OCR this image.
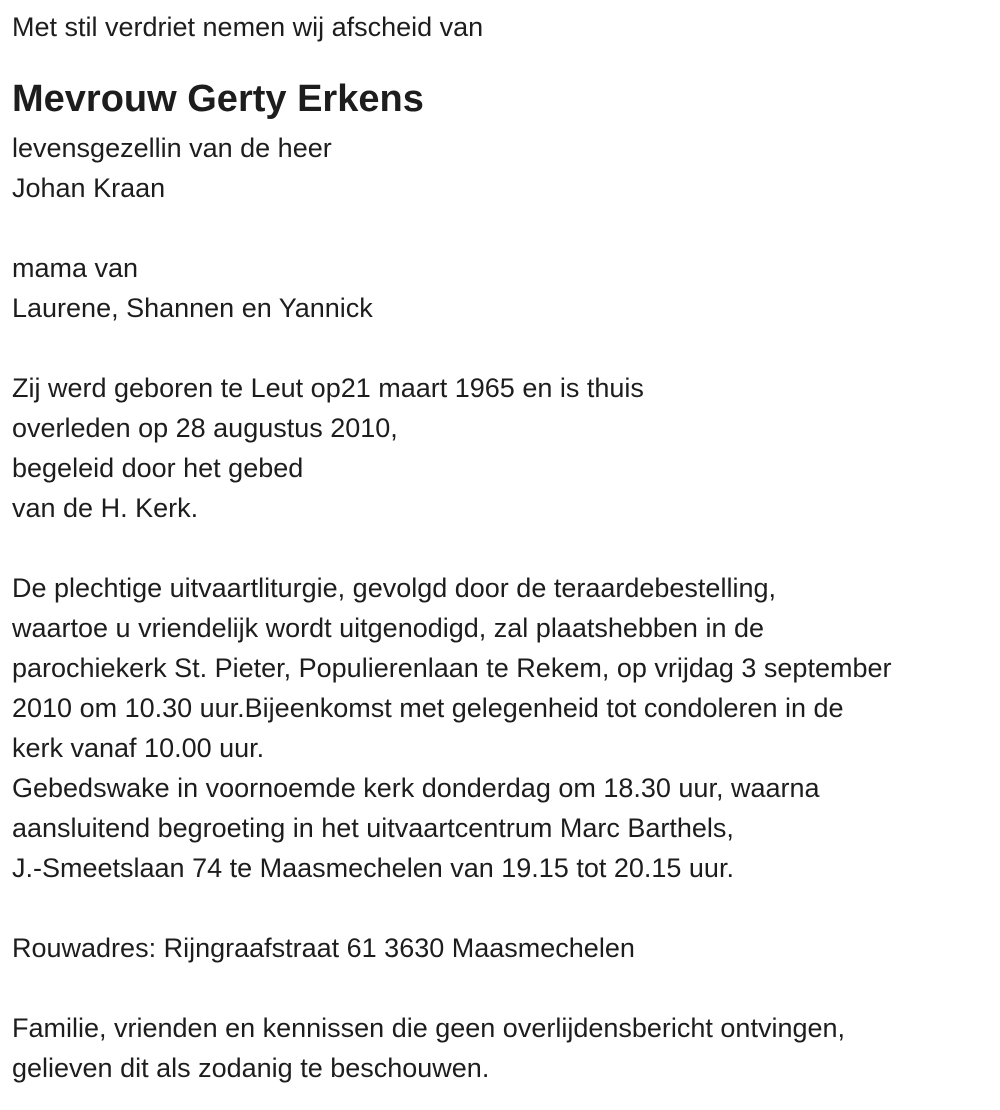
Met stil verdriet nemen wij afscheid van
Mevrouw Gerty Erkens
levensgezellin van de heer
Johan Kraan
mama van
Laurene, Shannen en Yannick
Zij werd geboren te Leut op21 maart 1965 en is thuis
overleden op 28 augustus 2010,
begeleid door het gebed
van de H. Kerk.
De plechtige uitvaartliturgie, gevolgd door de teraardebestelling,
waartoe u vriendelijk wordt uitgenodigd, zal plaatshebben in de
parochiekerk St. Pieter, Populierenlaan te Rekem, op vrijdag 3 september
2010 om 10.30 uur.Bijeenkomst met gelegenheid tot condoleren in de
kerk vanaf 10.00 uur.
Gebedswake in voornoemde kerk donderdag om 18.30 uur, waarna
aansluitend begroeting in het uitvaartcentrum Marc Barthels,
J.-Smeetslaan 74 te Maasmechelen van 19.15 tot 20.15 uur.
Rouwadres: Rijngraafstraat 61 3630 Maasmechelen
Familie, vrienden en kennissen die geen overlijdensbericht ontvingen,
gelieven dit als zodanig te beschouwen.
